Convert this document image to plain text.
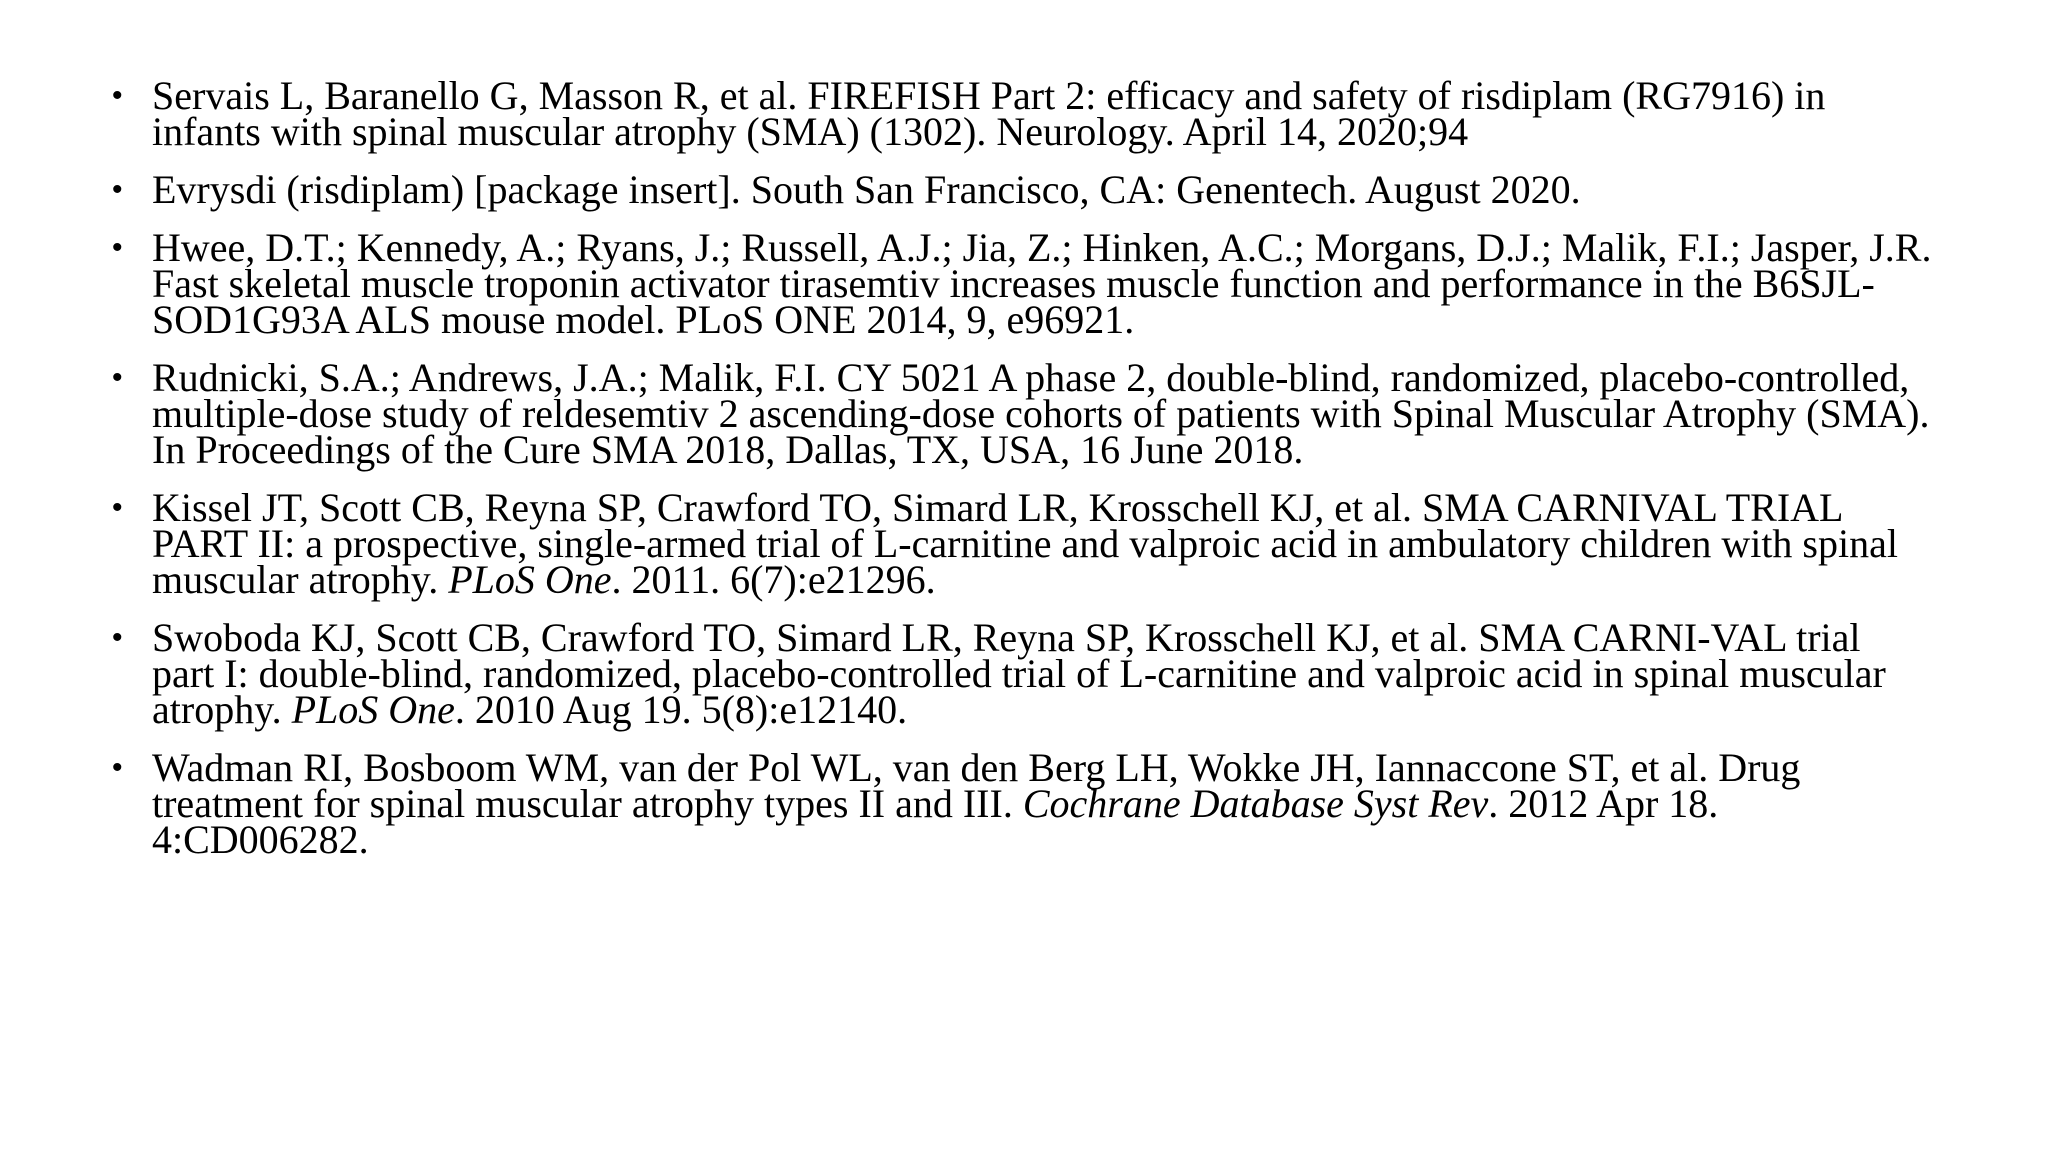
• Servais L, Baranello G, Masson R, et al. FIREFISH Part 2: efficacy and safety of risdiplam (RG7916) in infants with spinal muscular atrophy (SMA) (1302). Neurology. April 14, 2020;94
• Evrysdi (risdiplam) [package insert]. South San Francisco, CA: Genentech. August 2020.
• Hwee, D.T.; Kennedy, A.; Ryans, J.; Russell, A.J.; Jia, Z.; Hinken, A.C.; Morgans, D.J.; Malik, F.I.; Jasper, J.R. Fast skeletal muscle troponin activator tirasemtiv increases muscle function and performance in the B6SJL-SOD1G93A ALS mouse model. PLoS ONE 2014, 9, e96921.
• Rudnicki, S.A.; Andrews, J.A.; Malik, F.I. CY 5021 A phase 2, double-blind, randomized, placebo-controlled, multiple-dose study of reldesemtiv 2 ascending-dose cohorts of patients with Spinal Muscular Atrophy (SMA). In Proceedings of the Cure SMA 2018, Dallas, TX, USA, 16 June 2018.
• Kissel JT, Scott CB, Reyna SP, Crawford TO, Simard LR, Krosschell KJ, et al. SMA CARNIVAL TRIAL PART II: a prospective, single-armed trial of L-carnitine and valproic acid in ambulatory children with spinal muscular atrophy. PLoS One. 2011. 6(7):e21296.
• Swoboda KJ, Scott CB, Crawford TO, Simard LR, Reyna SP, Krosschell KJ, et al. SMA CARNI-VAL trial part I: double-blind, randomized, placebo-controlled trial of L-carnitine and valproic acid in spinal muscular atrophy. PLoS One. 2010 Aug 19. 5(8):e12140.
• Wadman RI, Bosboom WM, van der Pol WL, van den Berg LH, Wokke JH, Iannaccone ST, et al. Drug treatment for spinal muscular atrophy types II and III. Cochrane Database Syst Rev. 2012 Apr 18. 4:CD006282.
